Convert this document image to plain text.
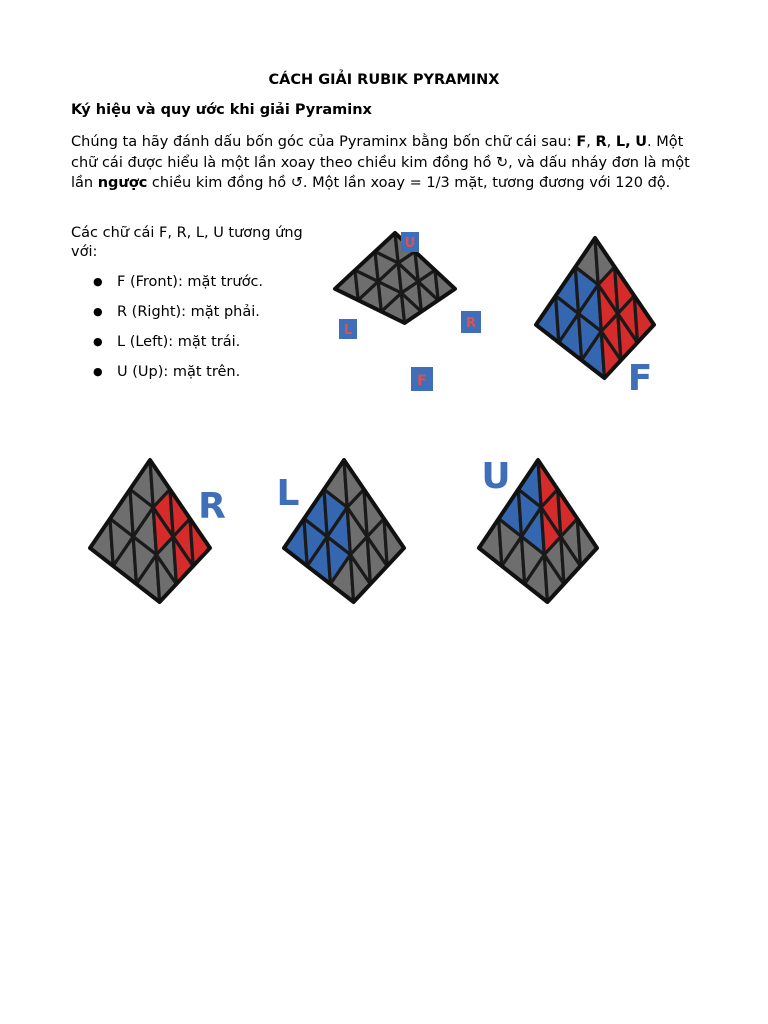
CÁCH GIẢI RUBIK PYRAMINX
Ký hiệu và quy ước khi giải Pyraminx
Chúng ta hãy đánh dấu bốn góc của Pyraminx bằng bốn chữ cái sau: F, R, L, U. Một chữ cái được hiểu là một lần xoay theo chiều kim đồng hồ ↻, và dấu nháy đơn là một lần ngược chiều kim đồng hồ ↺. Một lần xoay = 1/3 mặt, tương đương với 120 độ.
Các chữ cái F, R, L, U tương ứng với:
● F (Front): mặt trước.
● R (Right): mặt phải.
● L (Left): mặt trái.
● U (Up): mặt trên.
U
L	R
F	F
R L	U
